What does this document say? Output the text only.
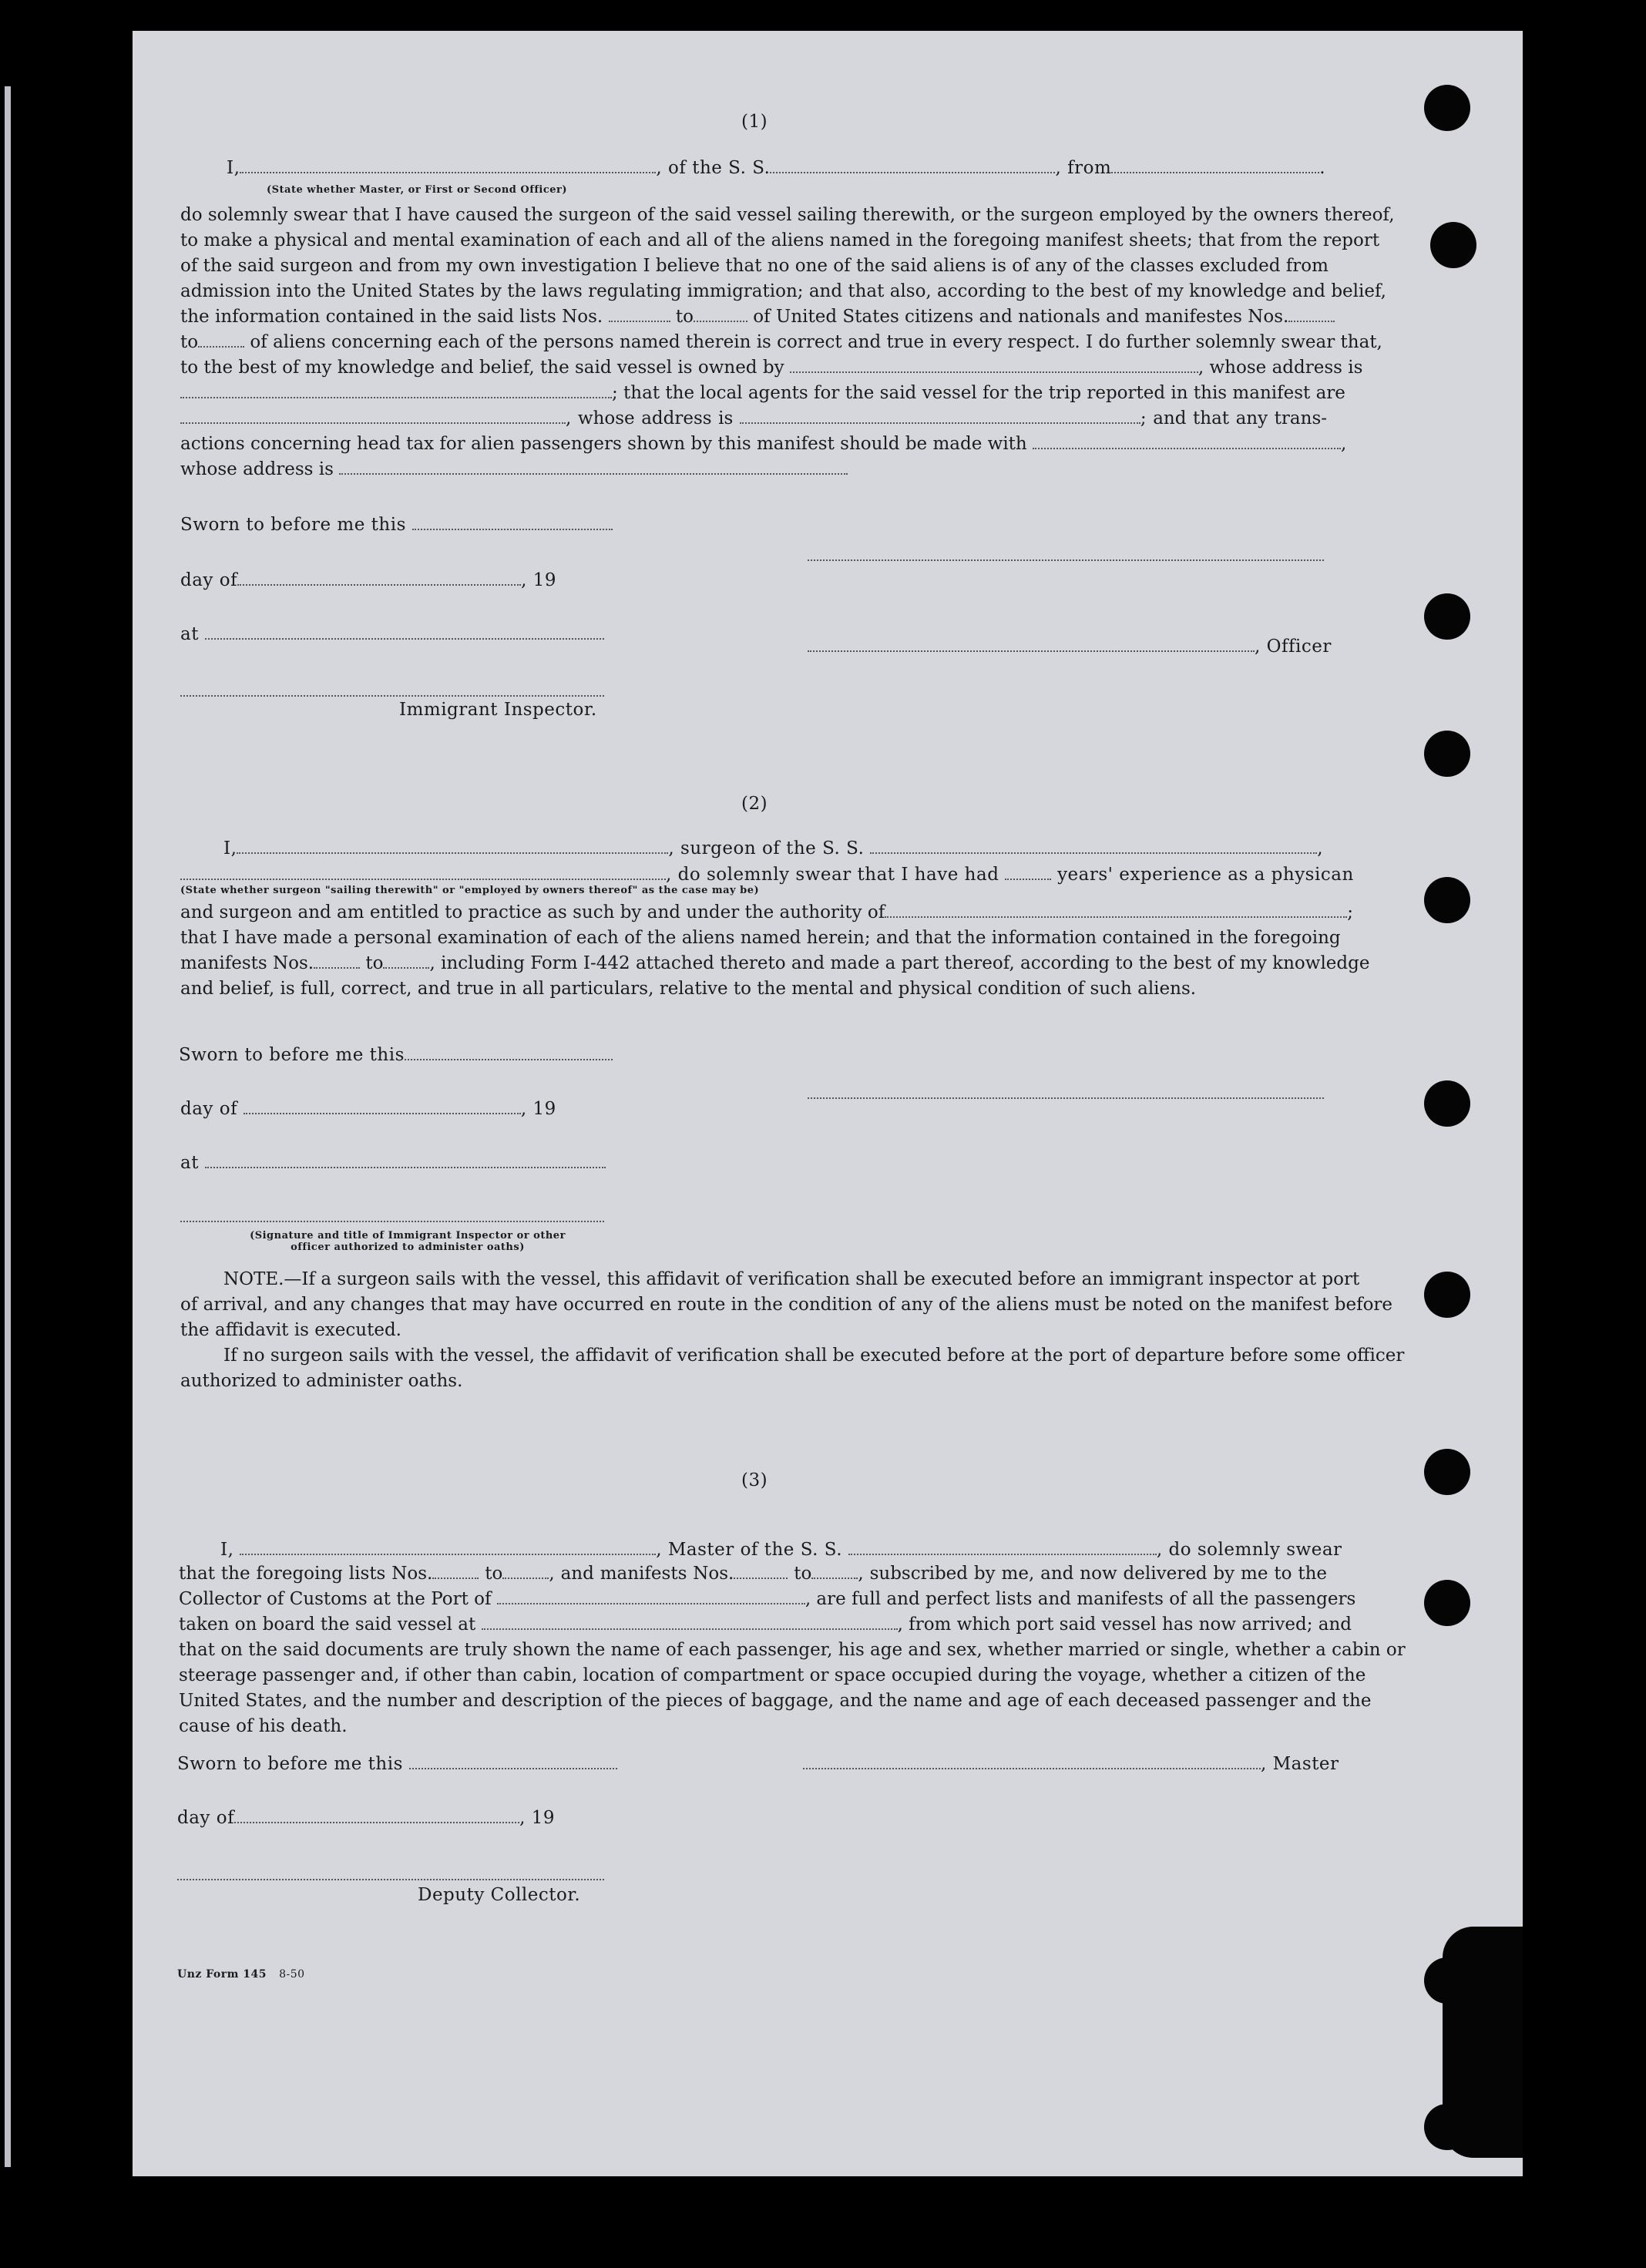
(1)
I,	, of the S. S.	, from	.
(State whether Master, or First or Second Officer)
do solemnly swear that I have caused the surgeon of the said vessel sailing therewith, or the surgeon employed by the owners thereof,
to make a physical and mental examination of each and all of the aliens named in the foregoing manifest sheets; that from the report
of the said surgeon and from my own investigation I believe that no one of the said aliens is of any of the classes excluded from
admission into the United States by the laws regulating immigration; and that also, according to the best of my knowledge and belief,
the information contained in the said lists Nos.	to	of United States citizens and nationals and manifestes Nos.
to	of aliens concerning each of the persons named therein is correct and true in every respect. I do further solemnly swear that,
to the best of my knowledge and belief, the said vessel is owned by	, whose address is
; that the local agents for the said vessel for the trip reported in this manifest are
, whose address is	; and that any trans-
actions concerning head tax for alien passengers shown by this manifest should be made with	,
whose address is
Sworn to before me this
day of	, 19
at
, Officer
Immigrant Inspector.
(2)
I,	, surgeon of the S. S.	,
, do solemnly swear that I have had	years' experience as a physican
(State whether surgeon "sailing therewith" or "employed by owners thereof" as the case may be)
and surgeon and am entitled to practice as such by and under the authority of	;
that I have made a personal examination of each of the aliens named herein; and that the information contained in the foregoing
manifests Nos.	to	, including Form I-442 attached thereto and made a part thereof, according to the best of my knowledge
and belief, is full, correct, and true in all particulars, relative to the mental and physical condition of such aliens.
Sworn to before me this
day of	, 19
at
(Signature and title of Immigrant Inspector or other
officer authorized to administer oaths)
NOTE.—If a surgeon sails with the vessel, this affidavit of verification shall be executed before an immigrant inspector at port
of arrival, and any changes that may have occurred en route in the condition of any of the aliens must be noted on the manifest before
the affidavit is executed.
If no surgeon sails with the vessel, the affidavit of verification shall be executed before at the port of departure before some officer
authorized to administer oaths.
(3)
I,	, Master of the S. S.	, do solemnly swear
that the foregoing lists Nos.	to	, and manifests Nos.	to	, subscribed by me, and now delivered by me to the
Collector of Customs at the Port of	, are full and perfect lists and manifests of all the passengers
taken on board the said vessel at	, from which port said vessel has now arrived; and
that on the said documents are truly shown the name of each passenger, his age and sex, whether married or single, whether a cabin or
steerage passenger and, if other than cabin, location of compartment or space occupied during the voyage, whether a citizen of the
United States, and the number and description of the pieces of baggage, and the name and age of each deceased passenger and the
cause of his death.
Sworn to before me this	, Master
day of	, 19
Deputy Collector.
Unz Form 145 8-50
